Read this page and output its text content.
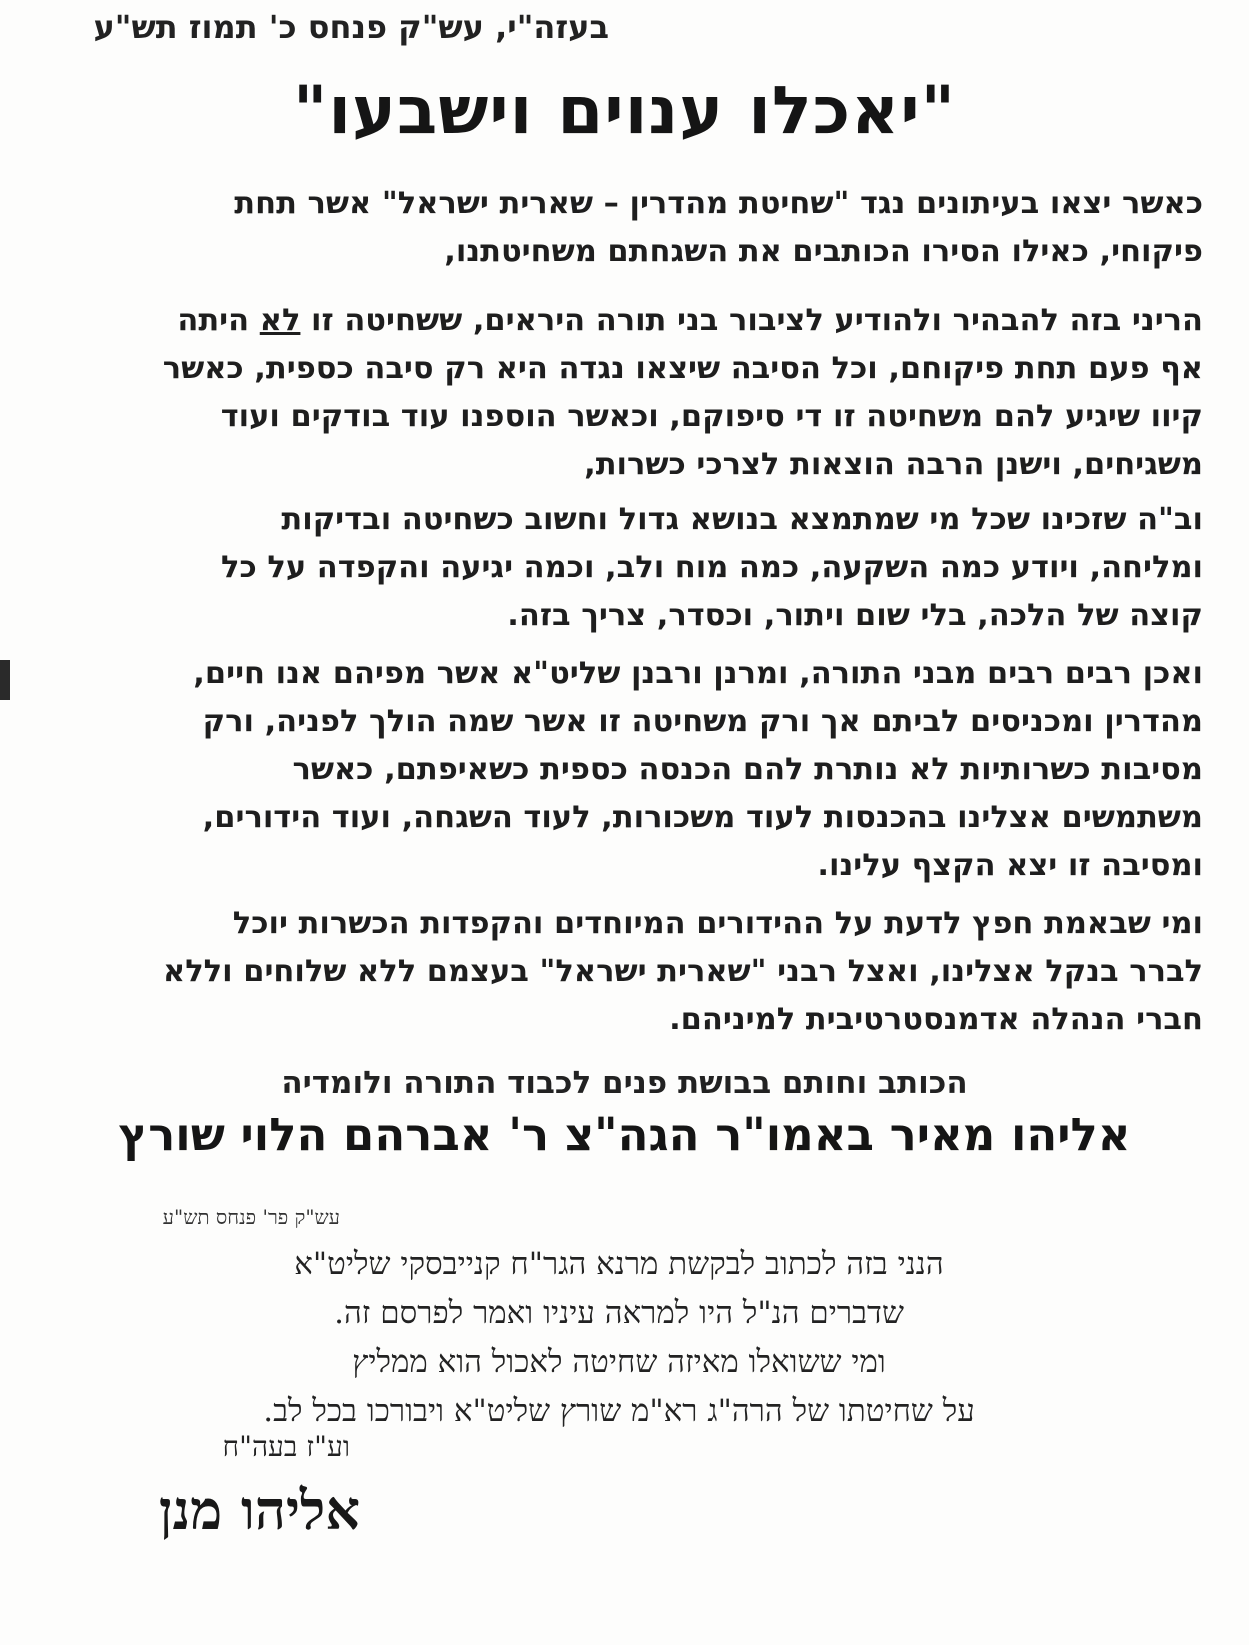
בעזה"י, עש"ק פנחס כ' תמוז תש"ע
"יאכלו ענוים וישבעו"
כאשר יצאו בעיתונים נגד "שחיטת מהדרין – שארית ישראל" אשר תחת
פיקוחי, כאילו הסירו הכותבים את השגחתם משחיטתנו,
הריני בזה להבהיר ולהודיע לציבור בני תורה היראים, ששחיטה זו לא היתה
אף פעם תחת פיקוחם, וכל הסיבה שיצאו נגדה היא רק סיבה כספית, כאשר
קיוו שיגיע להם משחיטה זו די סיפוקם, וכאשר הוספנו עוד בודקים ועוד
משגיחים, וישנן הרבה הוצאות לצרכי כשרות,
וב"ה שזכינו שכל מי שמתמצא בנושא גדול וחשוב כשחיטה ובדיקות
ומליחה, ויודע כמה השקעה, כמה מוח ולב, וכמה יגיעה והקפדה על כל
קוצה של הלכה, בלי שום ויתור, וכסדר, צריך בזה.
ואכן רבים רבים מבני התורה, ומרנן ורבנן שליט"א אשר מפיהם אנו חיים,
מהדרין ומכניסים לביתם אך ורק משחיטה זו אשר שמה הולך לפניה, ורק
מסיבות כשרותיות לא נותרת להם הכנסה כספית כשאיפתם, כאשר
משתמשים אצלינו בהכנסות לעוד משכורות, לעוד השגחה, ועוד הידורים,
ומסיבה זו יצא הקצף עלינו.
ומי שבאמת חפץ לדעת על ההידורים המיוחדים והקפדות הכשרות יוכל
לברר בנקל אצלינו, ואצל רבני "שארית ישראל" בעצמם ללא שלוחים וללא
חברי הנהלה אדמנסטרטיבית למיניהם.
הכותב וחותם בבושת פנים לכבוד התורה ולומדיה
אליהו מאיר באמו"ר הגה"צ ר' אברהם הלוי שורץ
עש"ק פר' פנחס תש"ע
הנני בזה לכתוב לבקשת מרנא הגר"ח קנייבסקי שליט"א
שדברים הנ"ל היו למראה עיניו ואמר לפרסם זה.
ומי ששואלו מאיזה שחיטה לאכול הוא ממליץ
על שחיטתו של הרה"ג רא"מ שורץ שליט"א ויבורכו בכל לב.
וע"ז בעה"ח
אליהו מנן
